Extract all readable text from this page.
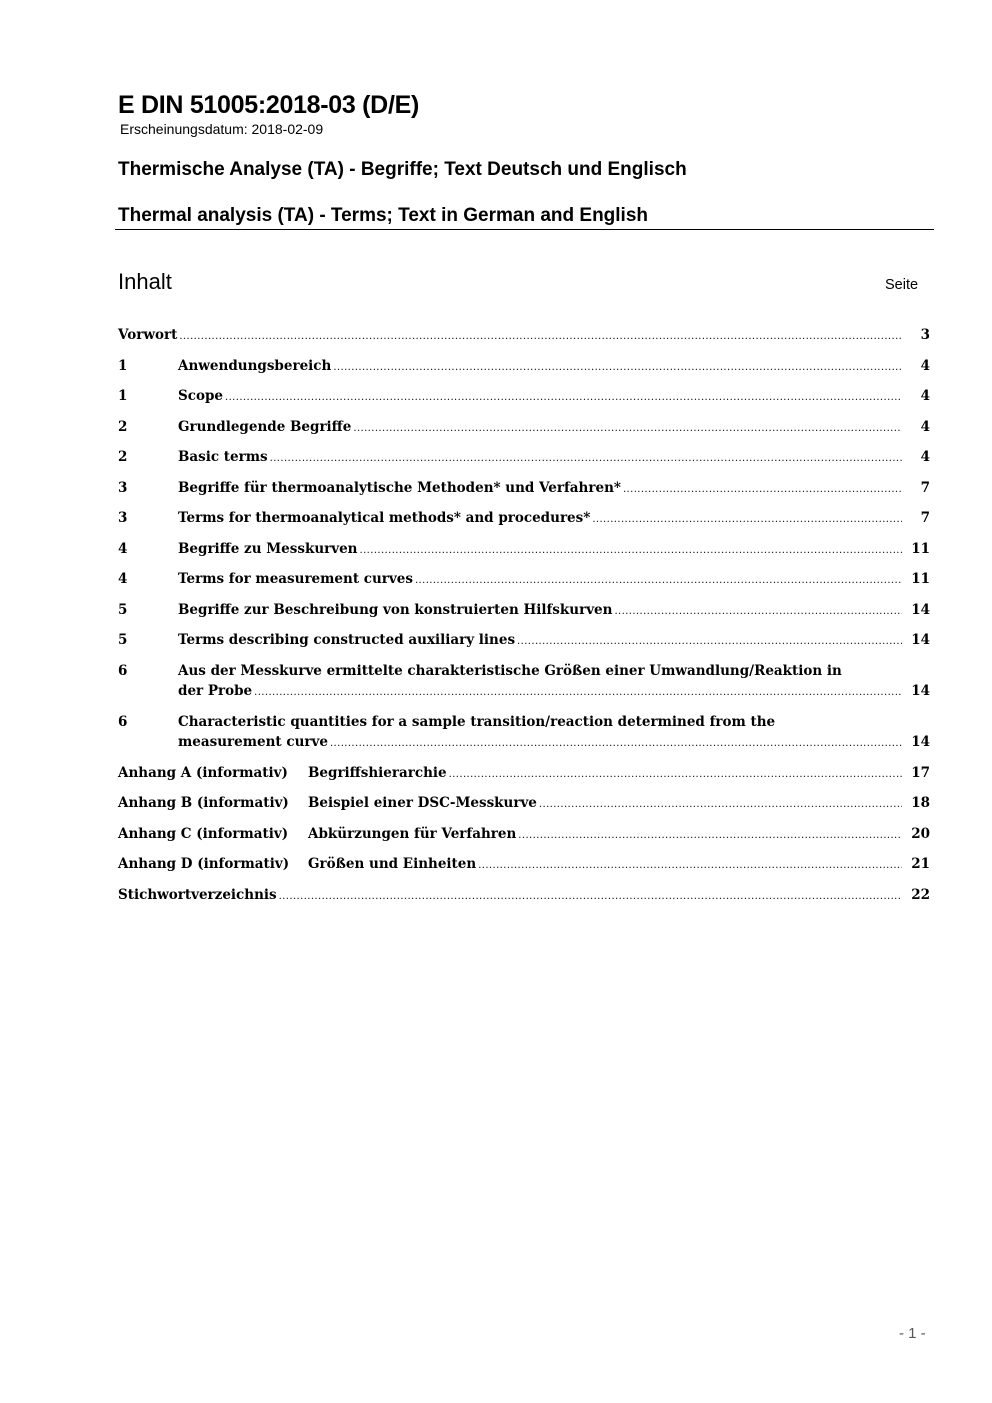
E DIN 51005:2018-03 (D/E)
Erscheinungsdatum: 2018-02-09
Thermische Analyse (TA) - Begriffe; Text Deutsch und Englisch
Thermal analysis (TA) - Terms; Text in German and English
Inhalt	Seite
Vorwort .....	3
1	Anwendungsbereich .....	4
1	Scope .....	4
2	Grundlegende Begriffe .....	4
2	Basic terms .....	4
3	Begriffe für thermoanalytische Methoden* und Verfahren* .....	7
3	Terms for thermoanalytical methods* and procedures* .....	7
4	Begriffe zu Messkurven .....	11
4	Terms for measurement curves .....	11
5	Begriffe zur Beschreibung von konstruierten Hilfskurven .....	14
5	Terms describing constructed auxiliary lines .....	14
6	Aus der Messkurve ermittelte charakteristische Größen einer Umwandlung/Reaktion in
der Probe .....	14
6	Characteristic quantities for a sample transition/reaction determined from the
measurement curve .....	14
Anhang A (informativ) Begriffshierarchie .....	17
Anhang B (informativ) Beispiel einer DSC-Messkurve .....	18
Anhang C (informativ) Abkürzungen für Verfahren .....	20
Anhang D (informativ) Größen und Einheiten .....	21
Stichwortverzeichnis .....	22
- 1 -
